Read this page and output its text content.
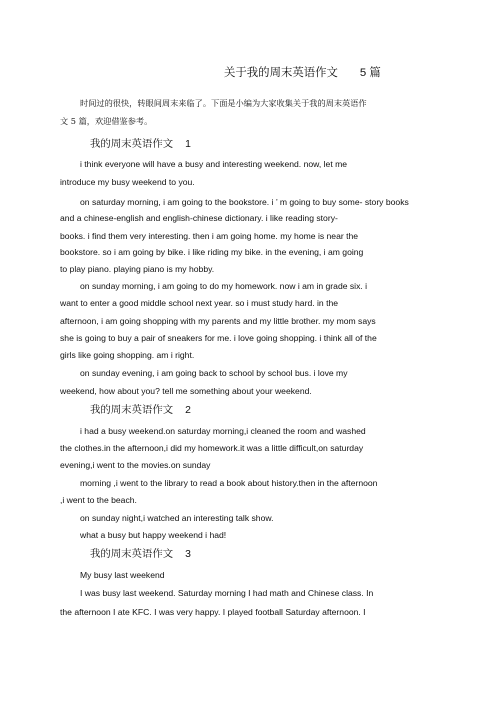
关于我的周末英语作文 5 篇
时间过的很快，转眼间周末来临了。下面是小编为大家收集关于我的周末英语作
文 5 篇，欢迎借鉴参考。
我的周末英语作文 1
i think everyone will have a busy and interesting weekend. now, let me
introduce my busy weekend to you.
on saturday morning, i am going to the bookstore. i ’ m going to buy some- story books
and a chinese-english and english-chinese dictionary. i like reading story-
books. i find them very interesting. then i am going home. my home is near the
bookstore. so i am going by bike. i like riding my bike. in the evening, i am going
to play piano. playing piano is my hobby.
on sunday morning, i am going to do my homework. now i am in grade six. i
want to enter a good middle school next year. so i must study hard. in the
afternoon, i am going shopping with my parents and my little brother. my mom says
she is going to buy a pair of sneakers for me. i love going shopping. i think all of the
girls like going shopping. am i right.
on sunday evening, i am going back to school by school bus. i love my
weekend, how about you? tell me something about your weekend.
我的周末英语作文 2
i had a busy weekend.on saturday morning,i cleaned the room and washed
the clothes.in the afternoon,i did my homework.it was a little difficult,on saturday
evening,i went to the movies.on sunday
morning ,i went to the library to read a book about history.then in the afternoon
,i went to the beach.
on sunday night,i watched an interesting talk show.
what a busy but happy weekend i had!
我的周末英语作文 3
My busy last weekend
I was busy last weekend. Saturday morning I had math and Chinese class. In
the afternoon I ate KFC. I was very happy. I played football Saturday afternoon. I
